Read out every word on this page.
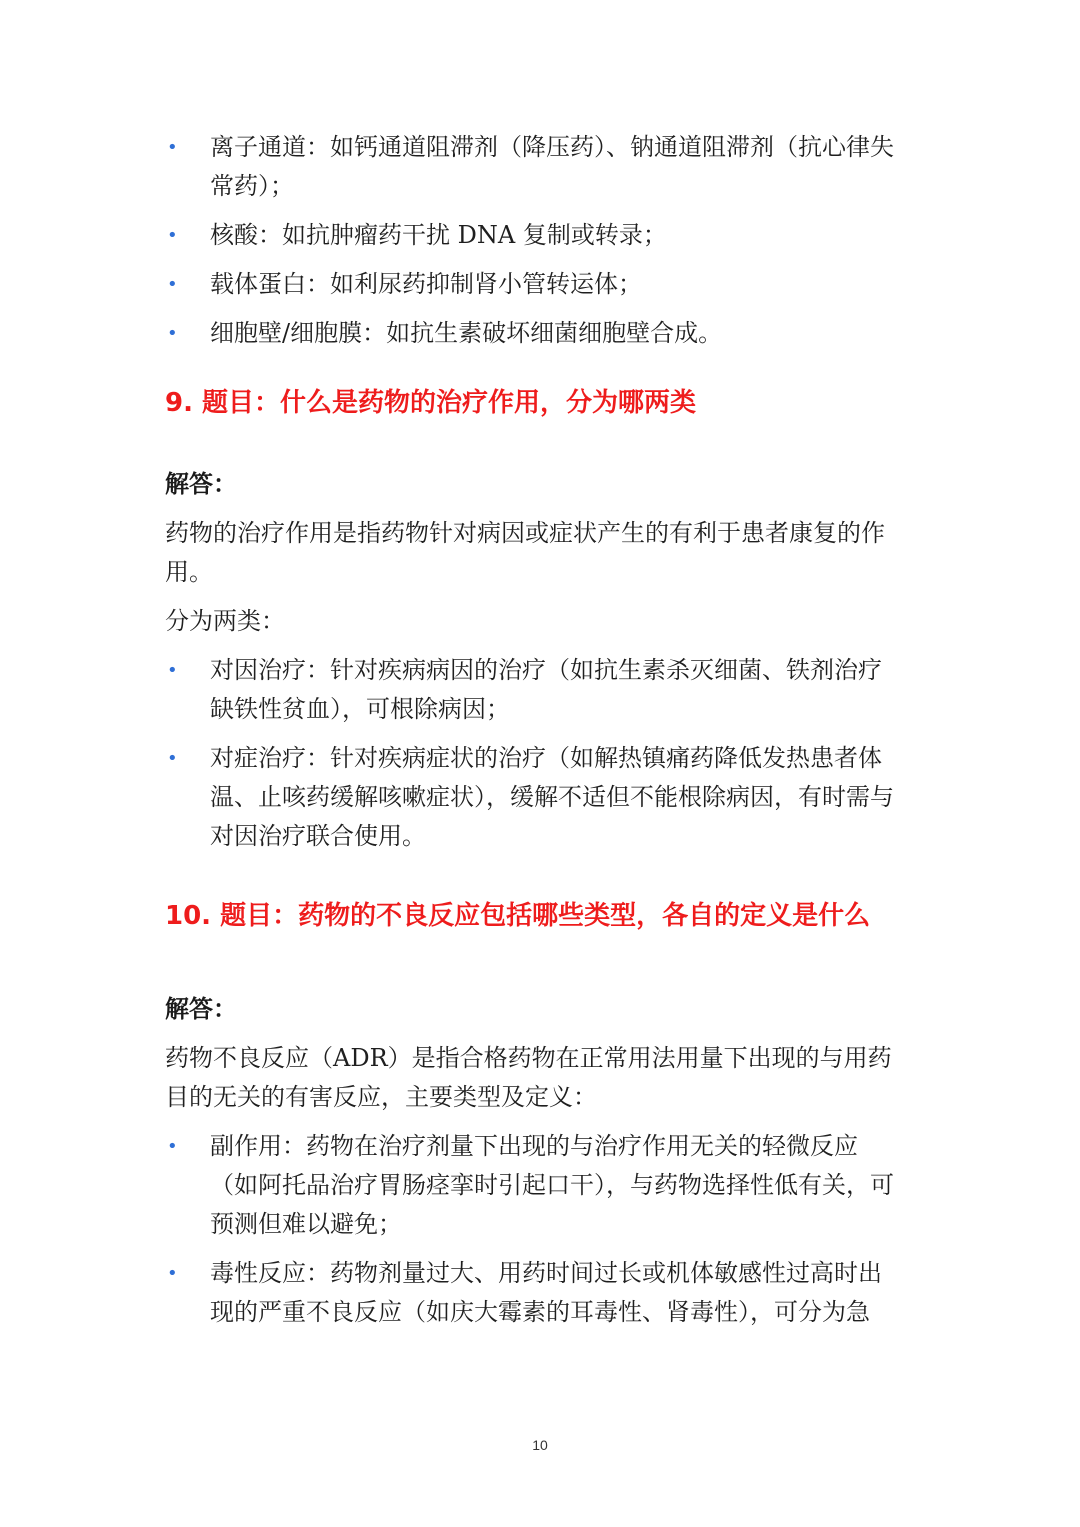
• 离子通道：如钙通道阻滞剂（降压药）、钠通道阻滞剂（抗心律失常药）；
• 核酸：如抗肿瘤药干扰 DNA 复制或转录；
• 载体蛋白：如利尿药抑制肾小管转运体；
• 细胞壁/细胞膜：如抗生素破坏细菌细胞壁合成。
9. 题目：什么是药物的治疗作用，分为哪两类
解答：

药物的治疗作用是指药物针对病因或症状产生的有利于患者康复的作用。

分为两类：

• 对因治疗：针对疾病病因的治疗（如抗生素杀灭细菌、铁剂治疗缺铁性贫血），可根除病因；
• 对症治疗：针对疾病症状的治疗（如解热镇痛药降低发热患者体温、止咳药缓解咳嗽症状），缓解不适但不能根除病因，有时需与对因治疗联合使用。
10. 题目：药物的不良反应包括哪些类型，各自的定义是什么
解答：

药物不良反应（ADR）是指合格药物在正常用法用量下出现的与用药目的无关的有害反应，主要类型及定义：

• 副作用：药物在治疗剂量下出现的与治疗作用无关的轻微反应（如阿托品治疗胃肠痉挛时引起口干），与药物选择性低有关，可预测但难以避免；
• 毒性反应：药物剂量过大、用药时间过长或机体敏感性过高时出现的严重不良反应（如庆大霉素的耳毒性、肾毒性），可分为急
10
